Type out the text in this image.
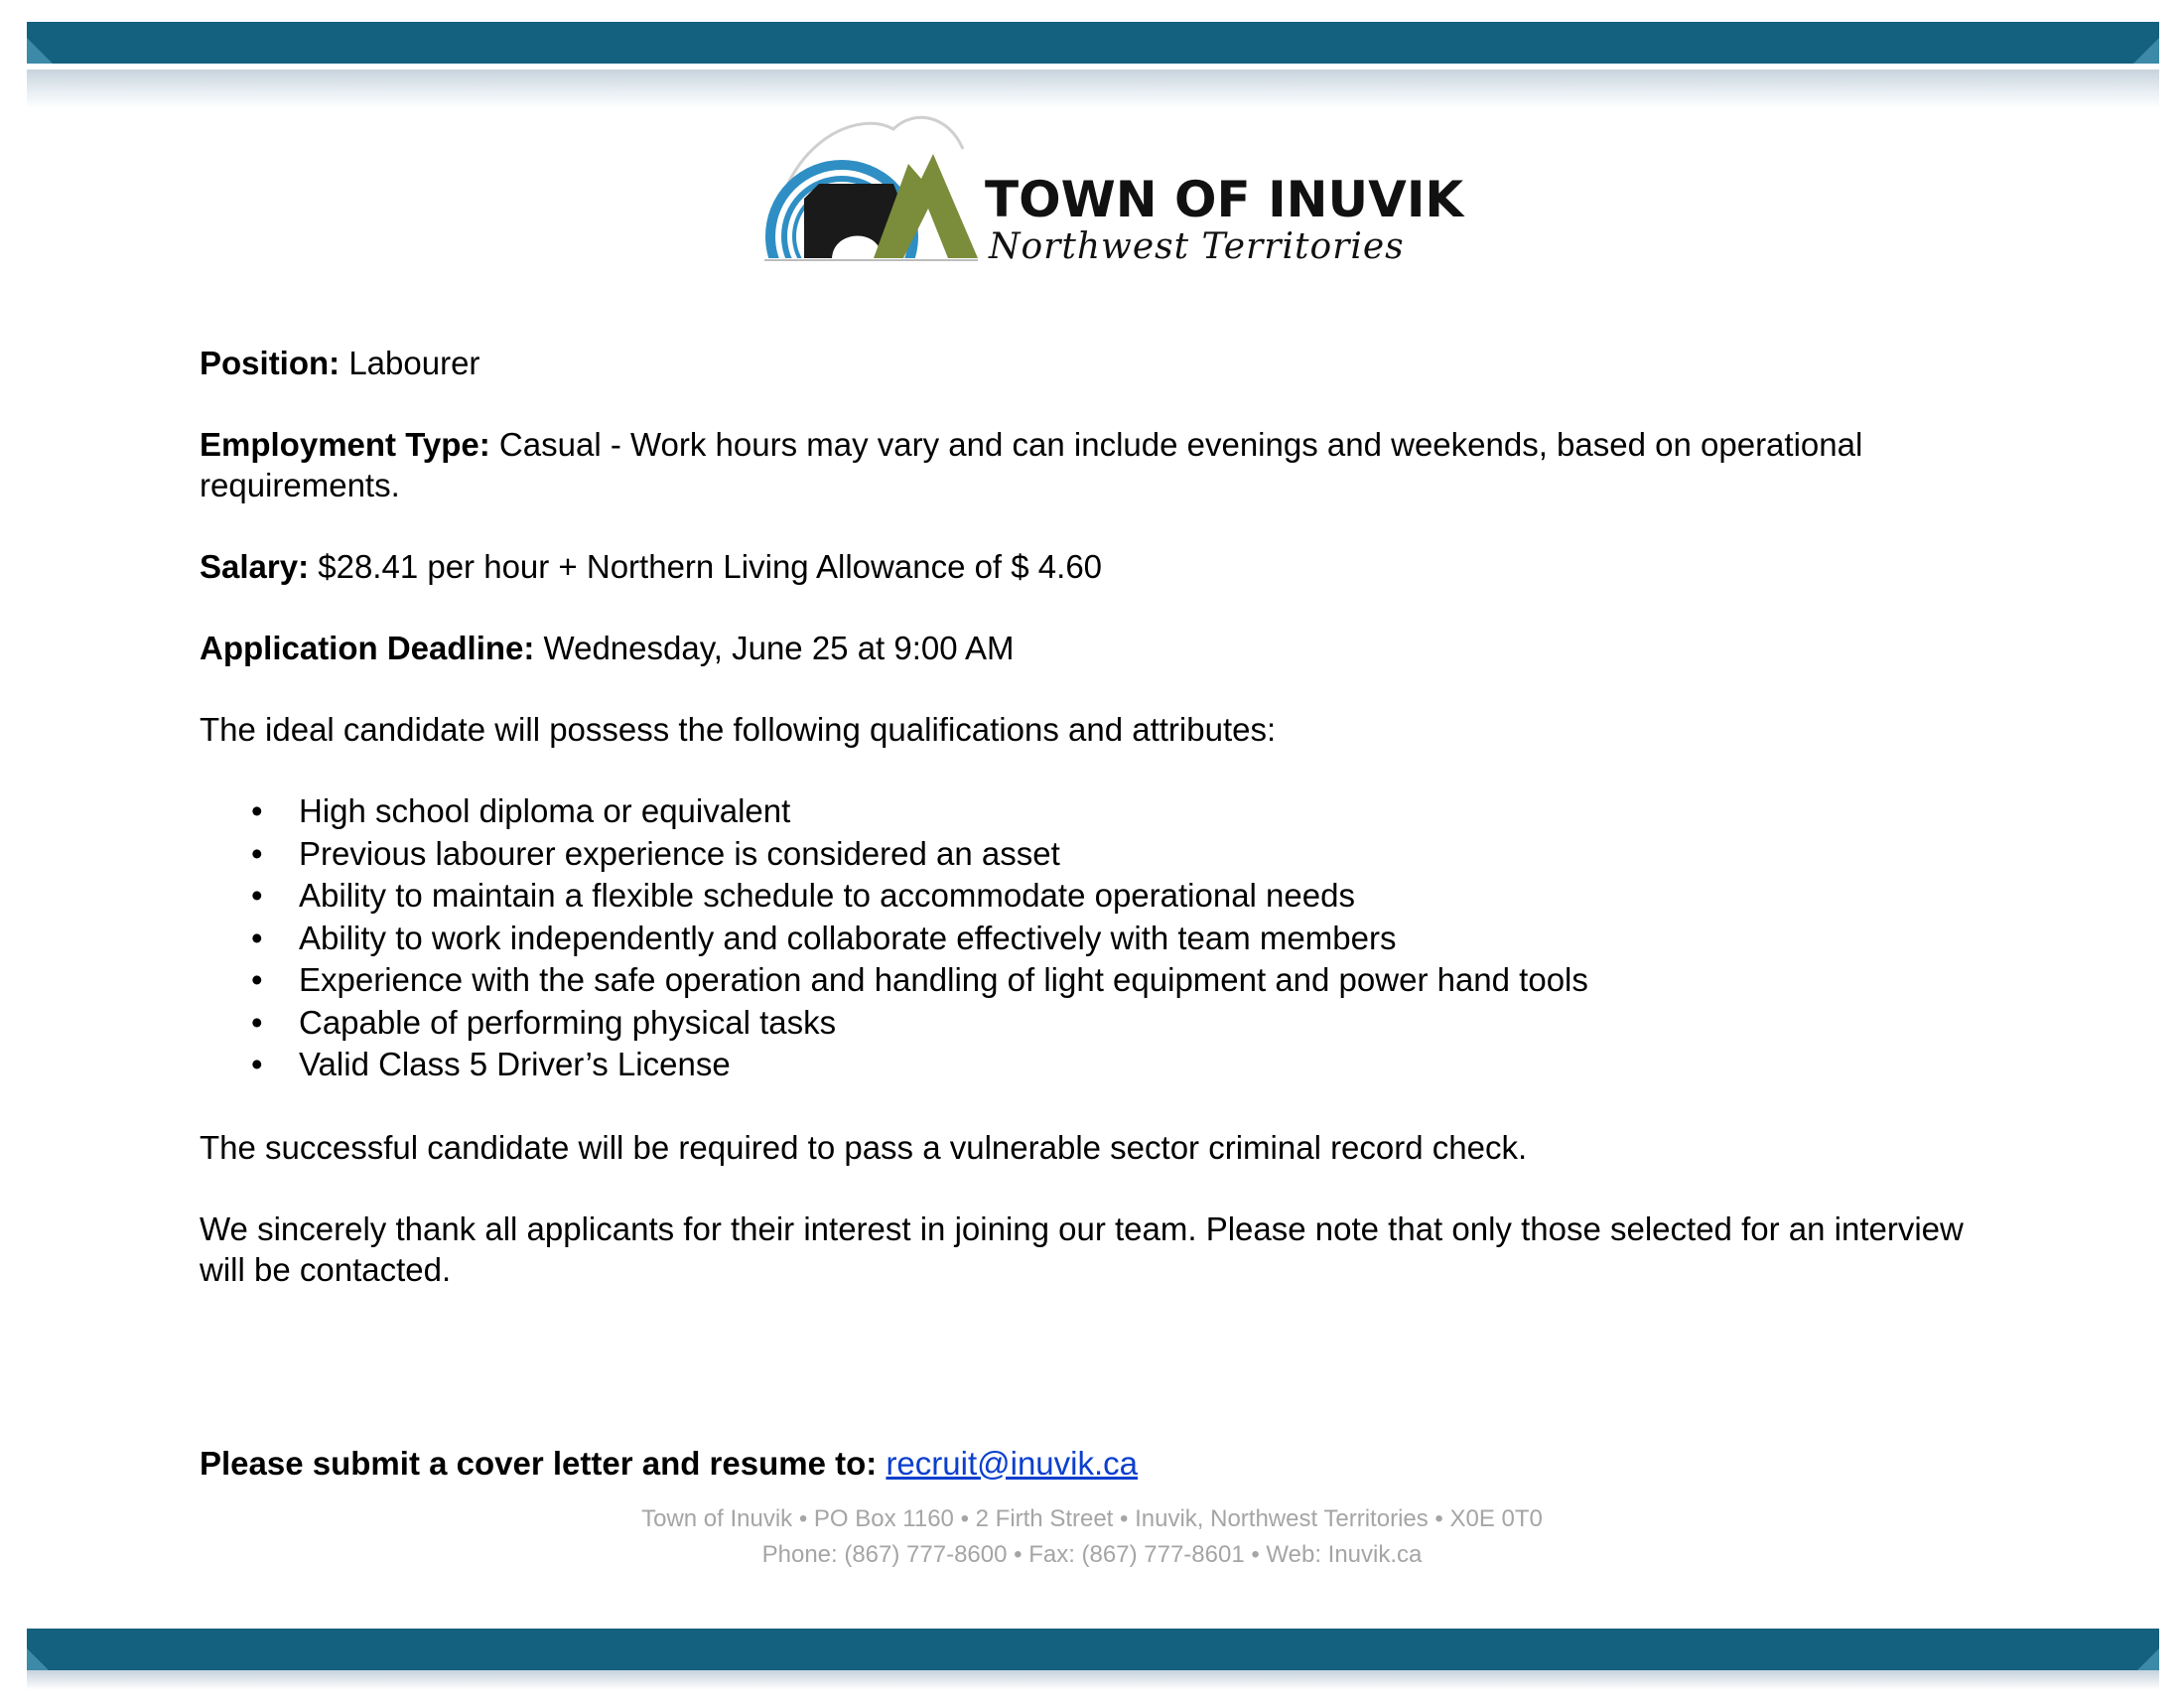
TOWN OF INUVIK
Northwest Territories

Position: Labourer

Employment Type: Casual - Work hours may vary and can include evenings and weekends, based on operational requirements.

Salary: $28.41 per hour + Northern Living Allowance of $ 4.60

Application Deadline: Wednesday, June 25 at 9:00 AM

The ideal candidate will possess the following qualifications and attributes:

• High school diploma or equivalent
• Previous labourer experience is considered an asset
• Ability to maintain a flexible schedule to accommodate operational needs
• Ability to work independently and collaborate effectively with team members
• Experience with the safe operation and handling of light equipment and power hand tools
• Capable of performing physical tasks
• Valid Class 5 Driver’s License

The successful candidate will be required to pass a vulnerable sector criminal record check.

We sincerely thank all applicants for their interest in joining our team. Please note that only those selected for an interview will be contacted.

Please submit a cover letter and resume to: recruit@inuvik.ca

Town of Inuvik • PO Box 1160 • 2 Firth Street • Inuvik, Northwest Territories • X0E 0T0
Phone: (867) 777-8600 • Fax: (867) 777-8601 • Web: Inuvik.ca
